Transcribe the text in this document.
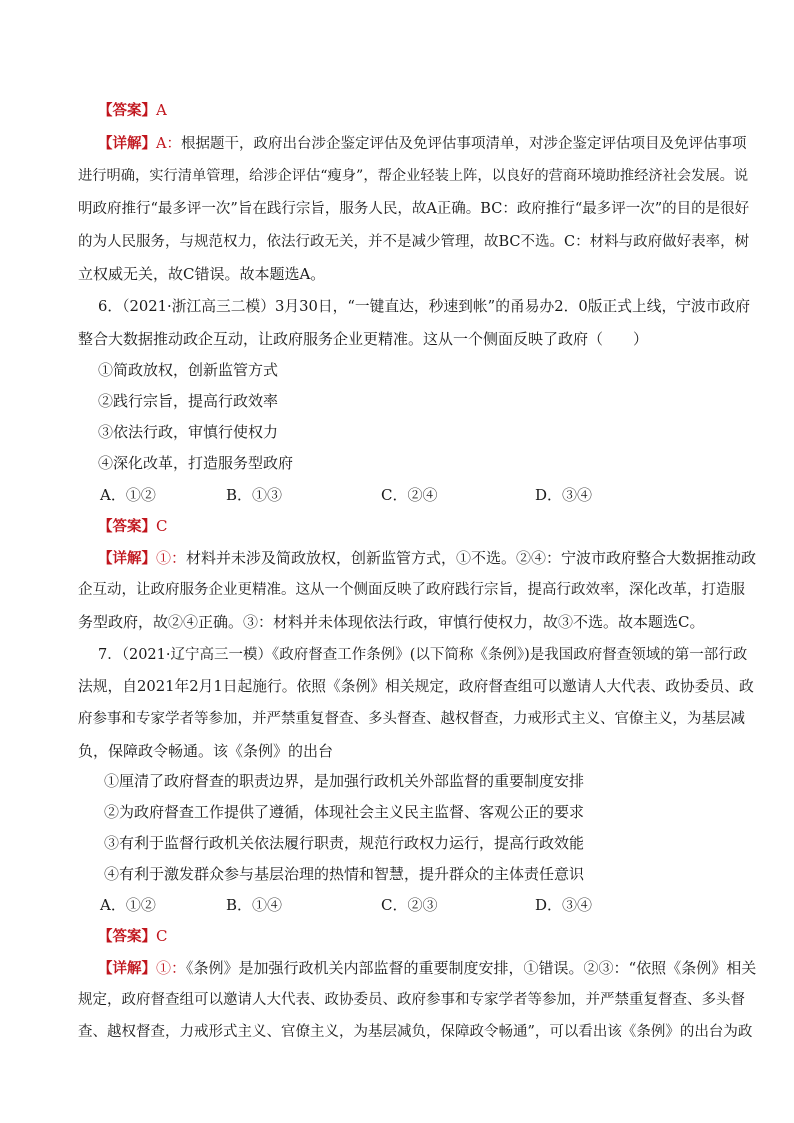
【答案】A
【详解】A：根据题干，政府出台涉企鉴定评估及免评估事项清单，对涉企鉴定评估项目及免评估事项
进行明确，实行清单管理，给涉企评估“瘦身”，帮企业轻装上阵，以良好的营商环境助推经济社会发展。说
明政府推行“最多评一次”旨在践行宗旨，服务人民，故A正确。BC：政府推行“最多评一次”的目的是很好
的为人民服务，与规范权力，依法行政无关，并不是减少管理，故BC不选。C：材料与政府做好表率，树
立权威无关，故C错误。故本题选A。
6．（2021·浙江高三二模）3月30日，“一键直达，秒速到帐”的甬易办2．0版正式上线，宁波市政府
整合大数据推动政企互动，让政府服务企业更精准。这从一个侧面反映了政府（　　）
①简政放权，创新监管方式
②践行宗旨，提高行政效率
③依法行政，审慎行使权力
④深化改革，打造服务型政府
A．①②	B．①③	C．②④	D．③④
【答案】C
【详解】①：材料并未涉及简政放权，创新监管方式，①不选。②④：宁波市政府整合大数据推动政
企互动，让政府服务企业更精准。这从一个侧面反映了政府践行宗旨，提高行政效率，深化改革，打造服
务型政府，故②④正确。③：材料并未体现依法行政，审慎行使权力，故③不选。故本题选C。
7．（2021·辽宁高三一模）《政府督查工作条例》(以下简称《条例》)是我国政府督查领域的第一部行政
法规，自2021年2月1日起施行。依照《条例》相关规定，政府督查组可以邀请人大代表、政协委员、政
府参事和专家学者等参加，并严禁重复督查、多头督查、越权督查，力戒形式主义、官僚主义，为基层减
负，保障政令畅通。该《条例》的出台
①厘清了政府督查的职责边界，是加强行政机关外部监督的重要制度安排
②为政府督查工作提供了遵循，体现社会主义民主监督、客观公正的要求
③有利于监督行政机关依法履行职责，规范行政权力运行，提高行政效能
④有利于激发群众参与基层治理的热情和智慧，提升群众的主体责任意识
A．①②	B．①④	C．②③	D．③④
【答案】C
【详解】①：《条例》是加强行政机关内部监督的重要制度安排，①错误。②③：“依照《条例》相关
规定，政府督查组可以邀请人大代表、政协委员、政府参事和专家学者等参加，并严禁重复督查、多头督
查、越权督查，力戒形式主义、官僚主义，为基层减负，保障政令畅通”，可以看出该《条例》的出台为政
